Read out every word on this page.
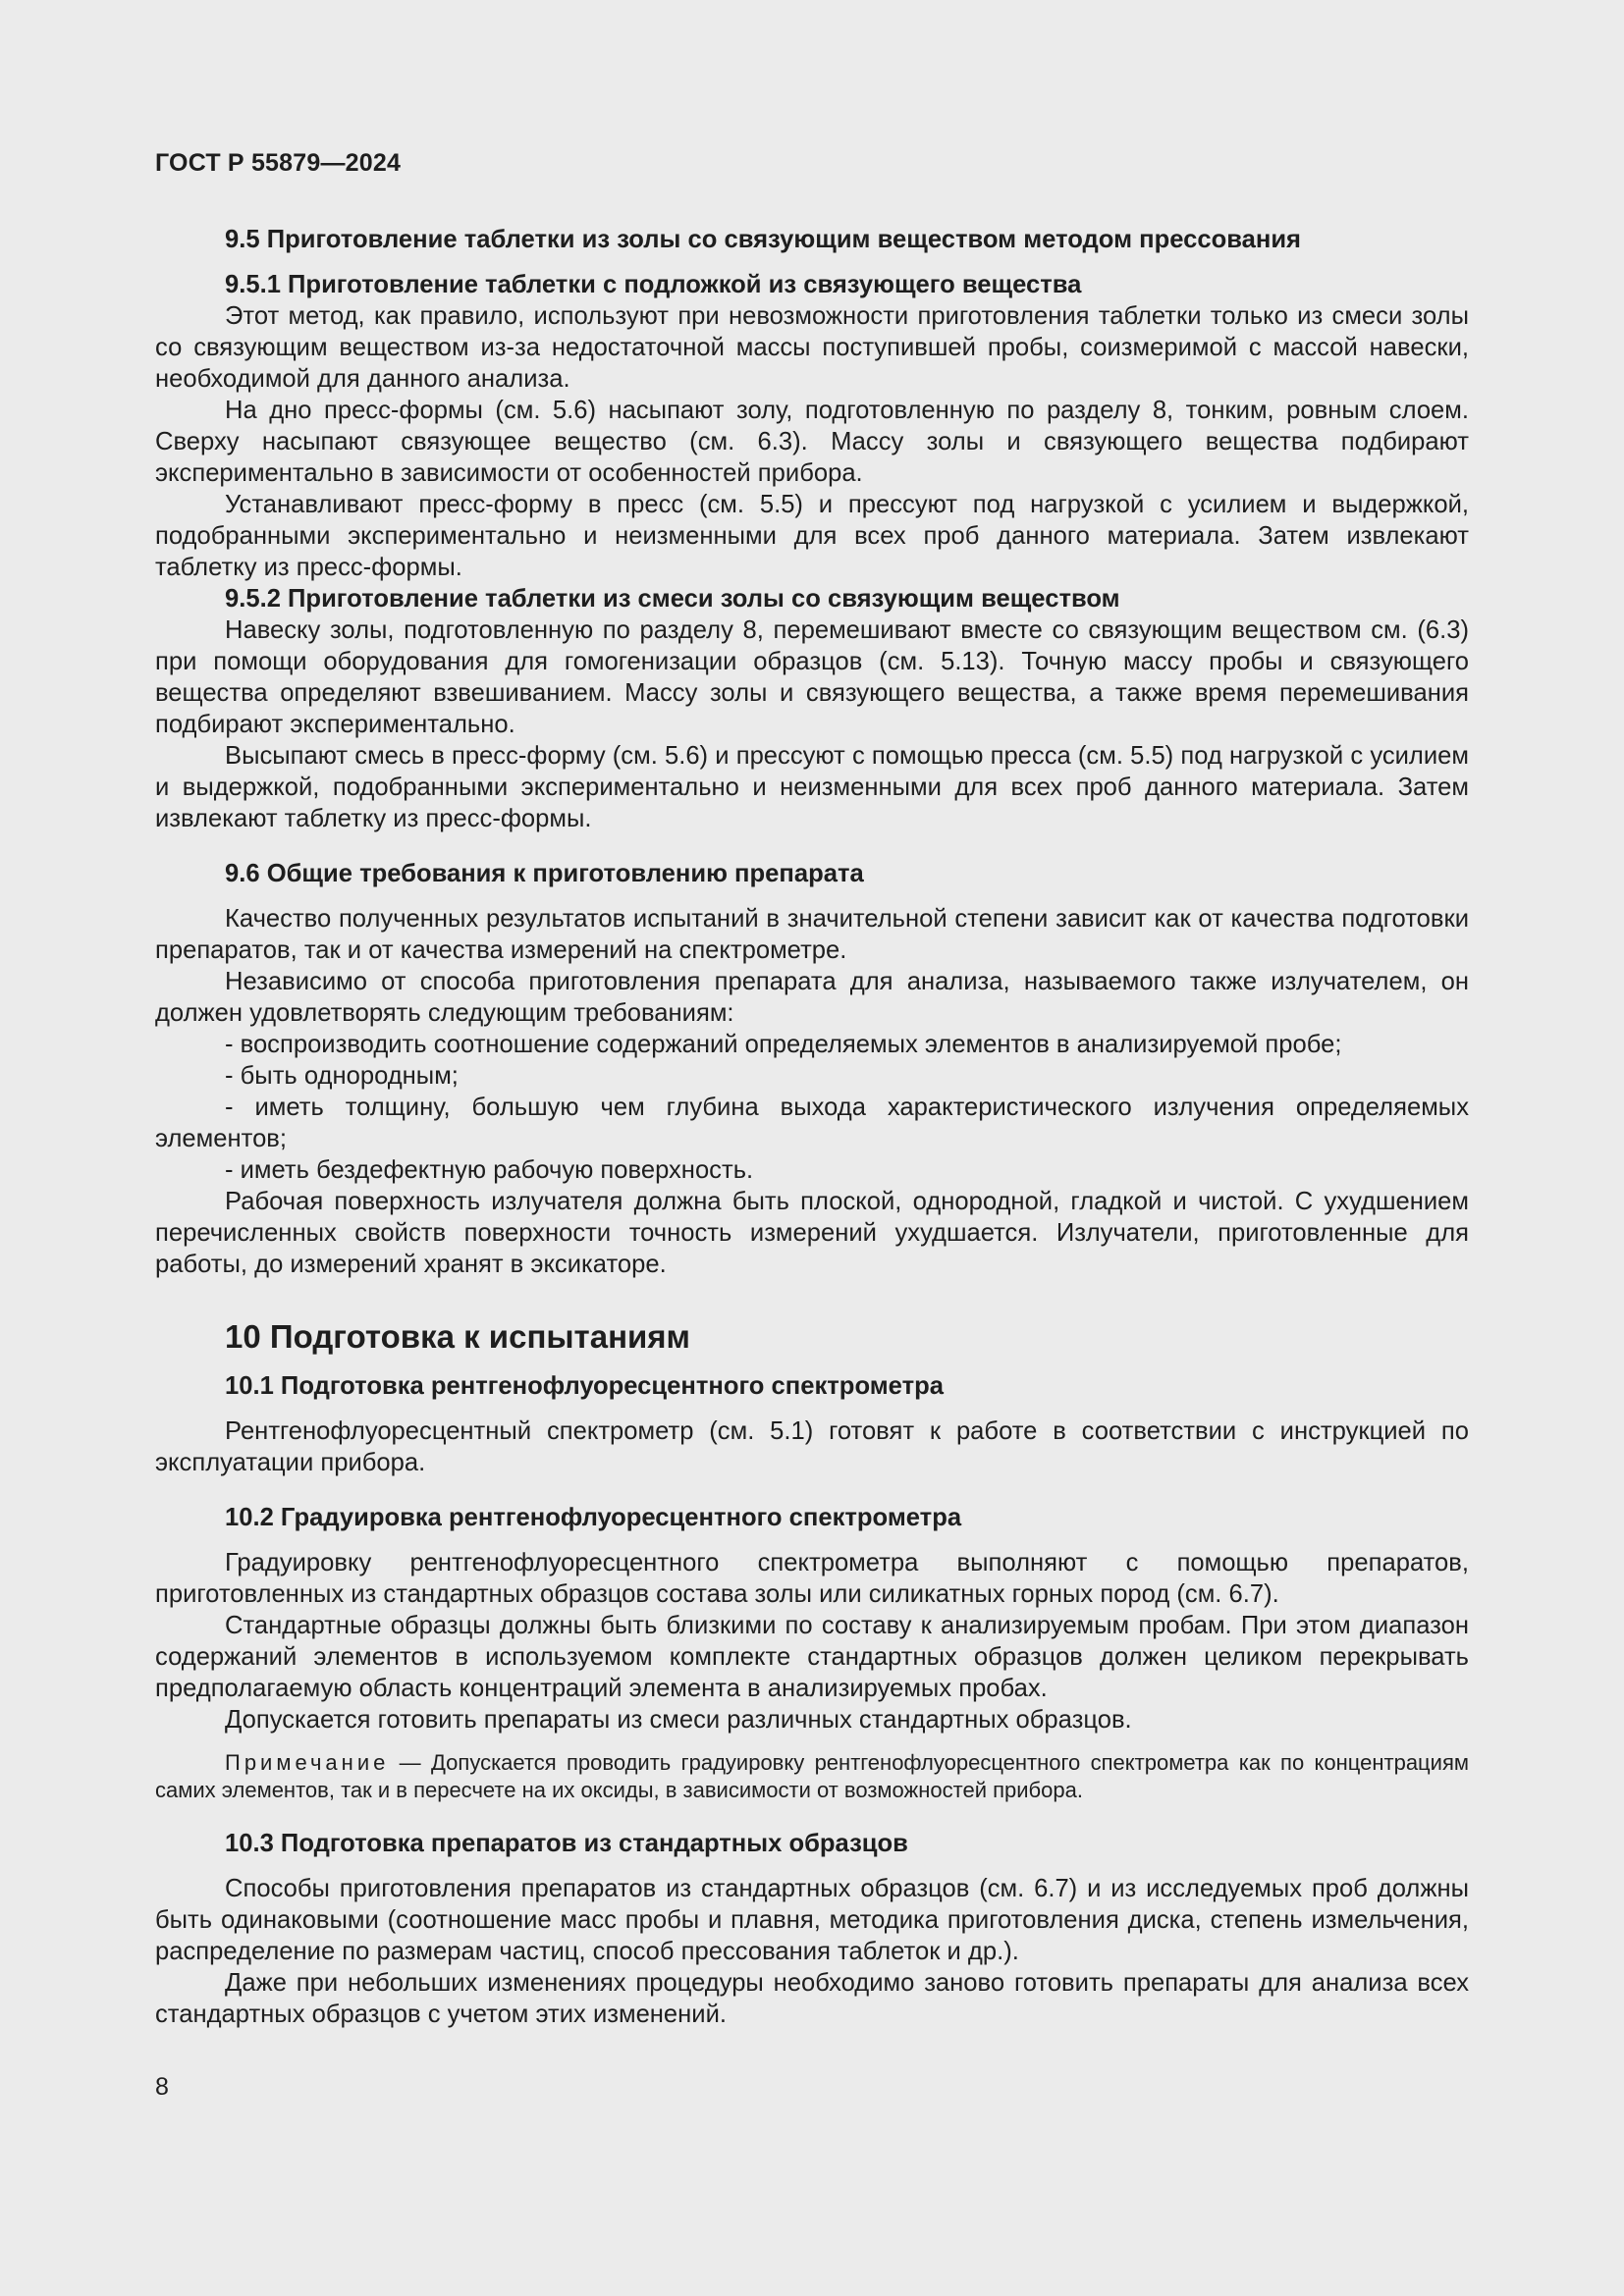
ГОСТ Р 55879—2024

9.5 Приготовление таблетки из золы со связующим веществом методом прессования

9.5.1 Приготовление таблетки с подложкой из связующего вещества

Этот метод, как правило, используют при невозможности приготовления таблетки только из смеси золы со связующим веществом из-за недостаточной массы поступившей пробы, соизмеримой с массой навески, необходимой для данного анализа.

На дно пресс-формы (см. 5.6) насыпают золу, подготовленную по разделу 8, тонким, ровным слоем. Сверху насыпают связующее вещество (см. 6.3). Массу золы и связующего вещества подбирают экспериментально в зависимости от особенностей прибора.

Устанавливают пресс-форму в пресс (см. 5.5) и прессуют под нагрузкой с усилием и выдержкой, подобранными экспериментально и неизменными для всех проб данного материала. Затем извлекают таблетку из пресс-формы.

9.5.2 Приготовление таблетки из смеси золы со связующим веществом

Навеску золы, подготовленную по разделу 8, перемешивают вместе со связующим веществом см. (6.3) при помощи оборудования для гомогенизации образцов (см. 5.13). Точную массу пробы и связующего вещества определяют взвешиванием. Массу золы и связующего вещества, а также время перемешивания подбирают экспериментально.

Высыпают смесь в пресс-форму (см. 5.6) и прессуют с помощью пресса (см. 5.5) под нагрузкой с усилием и выдержкой, подобранными экспериментально и неизменными для всех проб данного материала. Затем извлекают таблетку из пресс-формы.

9.6 Общие требования к приготовлению препарата

Качество полученных результатов испытаний в значительной степени зависит как от качества подготовки препаратов, так и от качества измерений на спектрометре.

Независимо от способа приготовления препарата для анализа, называемого также излучателем, он должен удовлетворять следующим требованиям:

- воспроизводить соотношение содержаний определяемых элементов в анализируемой пробе;

- быть однородным;

- иметь толщину, большую чем глубина выхода характеристического излучения определяемых элементов;

- иметь бездефектную рабочую поверхность.

Рабочая поверхность излучателя должна быть плоской, однородной, гладкой и чистой. С ухудшением перечисленных свойств поверхности точность измерений ухудшается. Излучатели, приготовленные для работы, до измерений хранят в эксикаторе.

10 Подготовка к испытаниям

10.1 Подготовка рентгенофлуоресцентного спектрометра

Рентгенофлуоресцентный спектрометр (см. 5.1) готовят к работе в соответствии с инструкцией по эксплуатации прибора.

10.2 Градуировка рентгенофлуоресцентного спектрометра

Градуировку рентгенофлуоресцентного спектрометра выполняют с помощью препаратов, приготовленных из стандартных образцов состава золы или силикатных горных пород (см. 6.7).

Стандартные образцы должны быть близкими по составу к анализируемым пробам. При этом диапазон содержаний элементов в используемом комплекте стандартных образцов должен целиком перекрывать предполагаемую область концентраций элемента в анализируемых пробах.

Допускается готовить препараты из смеси различных стандартных образцов.

Примечание — Допускается проводить градуировку рентгенофлуоресцентного спектрометра как по концентрациям самих элементов, так и в пересчете на их оксиды, в зависимости от возможностей прибора.

10.3 Подготовка препаратов из стандартных образцов

Способы приготовления препаратов из стандартных образцов (см. 6.7) и из исследуемых проб должны быть одинаковыми (соотношение масс пробы и плавня, методика приготовления диска, степень измельчения, распределение по размерам частиц, способ прессования таблеток и др.).

Даже при небольших изменениях процедуры необходимо заново готовить препараты для анализа всех стандартных образцов с учетом этих изменений.

8
